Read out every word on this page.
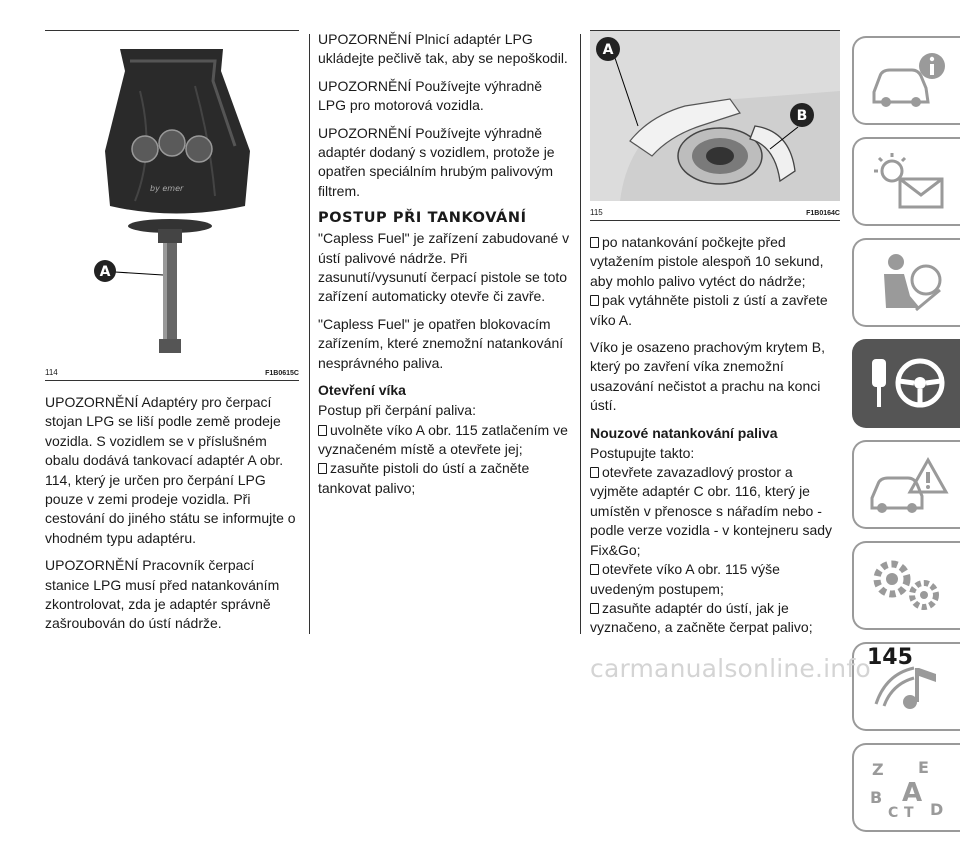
by emer
A
114	F1B0615C

UPOZORNĚNÍ Adaptéry pro čerpací stojan LPG se liší podle země prodeje vozidla. S vozidlem se v příslušném obalu dodává tankovací adaptér A obr. 114, který je určen pro čerpání LPG pouze v zemi prodeje vozidla. Při cestování do jiného státu se informujte o vhodném typu adaptéru.

UPOZORNĚNÍ Pracovník čerpací stanice LPG musí před natankováním zkontrolovat, zda je adaptér správně zašroubován do ústí nádrže.

UPOZORNĚNÍ Plnicí adaptér LPG ukládejte pečlivě tak, aby se nepoškodil.

UPOZORNĚNÍ Používejte výhradně LPG pro motorová vozidla.

UPOZORNĚNÍ Používejte výhradně adaptér dodaný s vozidlem, protože je opatřen speciálním hrubým palivovým filtrem.

POSTUP PŘI TANKOVÁNÍ

"Capless Fuel" je zařízení zabudované v ústí palivové nádrže. Při zasunutí/vysunutí čerpací pistole se toto zařízení automaticky otevře či zavře.

"Capless Fuel" je opatřen blokovacím zařízením, které znemožní natankování nesprávného paliva.

Otevření víka

Postup při čerpání paliva:

uvolněte víko A obr. 115 zatlačením ve vyznačeném místě a otevřete jej;

zasuňte pistoli do ústí a začněte tankovat palivo;

A
B
115	F1B0164C

po natankování počkejte před vytažením pistole alespoň 10 sekund, aby mohlo palivo vytéct do nádrže;

pak vytáhněte pistoli z ústí a zavřete víko A.

Víko je osazeno prachovým krytem B, který po zavření víka znemožní usazování nečistot a prachu na konci ústí.

Nouzové natankování paliva

Postupujte takto:

otevřete zavazadlový prostor a vyjměte adaptér C obr. 116, který je umístěn v přenosce s nářadím nebo - podle verze vozidla - v kontejneru sady Fix&Go;

otevřete víko A obr. 115 výše uvedeným postupem;

zasuňte adaptér do ústí, jak je vyznačeno, a začněte čerpat palivo;

Z E
B A
C T D
145
carmanualsonline.info
